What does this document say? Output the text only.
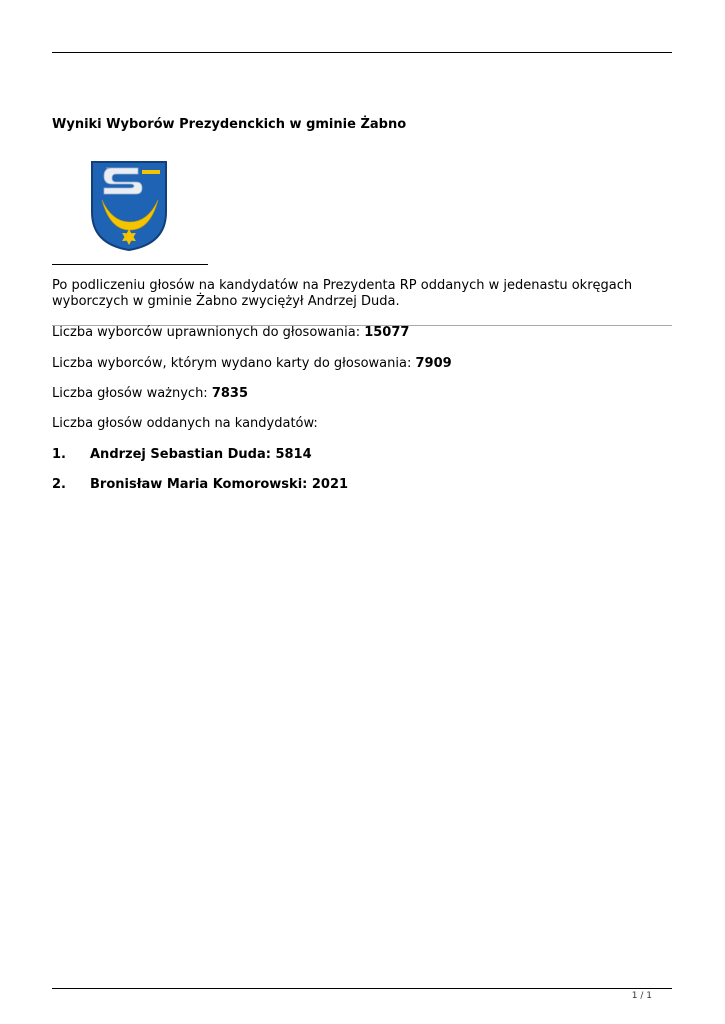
Wyniki Wyborów Prezydenckich w gminie Żabno

Po podliczeniu głosów na kandydatów na Prezydenta RP oddanych w jedenastu okręgach wyborczych w gminie Żabno zwyciężył Andrzej Duda.

Liczba wyborców uprawnionych do głosowania: 15077

Liczba wyborców, którym wydano karty do głosowania: 7909

Liczba głosów ważnych: 7835

Liczba głosów oddanych na kandydatów:

1. Andrzej Sebastian Duda: 5814

2. Bronisław Maria Komorowski: 2021

1 / 1
